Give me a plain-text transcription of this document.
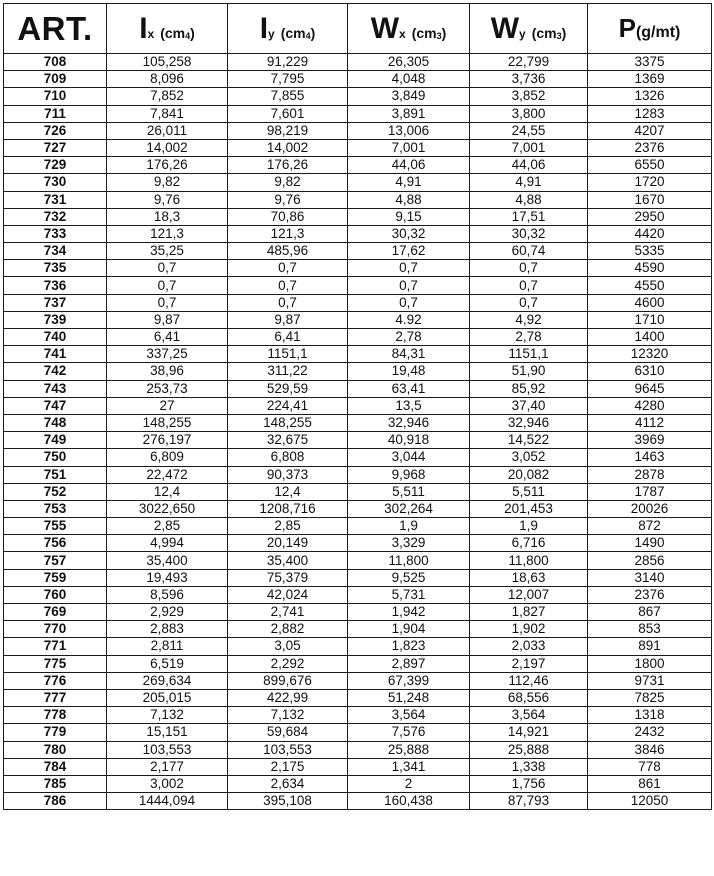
ART.	Ix $(cm_4)$	Iy $(cm_4)$	Wx $(cm_3)$	Wy $(cm_3)$	P(g/mt)
708	105,258	91,229	26,305	22,799	3375
709	8,096	7,795	4,048	3,736	1369
710	7,852	7,855	3,849	3,852	1326
711	7,841	7,601	3,891	3,800	1283
726	26,011	98,219	13,006	24,55	4207
727	14,002	14,002	7,001	7,001	2376
729	176,26	176,26	44,06	44,06	6550
730	9,82	9,82	4,91	4,91	1720
731	9,76	9,76	4,88	4,88	1670
732	18,3	70,86	9,15	17,51	2950
733	121,3	121,3	30,32	30,32	4420
734	35,25	485,96	17,62	60,74	5335
735	0,7	0,7	0,7	0,7	4590
736	0,7	0,7	0,7	0,7	4550
737	0,7	0,7	0,7	0,7	4600
739	9,87	9,87	4.92	4,92	1710
740	6,41	6,41	2,78	2,78	1400
741	337,25	1151,1	84,31	1151,1	12320
742	38,96	311,22	19,48	51,90	6310
743	253,73	529,59	63,41	85,92	9645
747	27	224,41	13,5	37,40	4280
748	148,255	148,255	32,946	32,946	4112
749	276,197	32,675	40,918	14,522	3969
750	6,809	6,808	3,044	3,052	1463
751	22,472	90,373	9,968	20,082	2878
752	12,4	12,4	5,511	5,511	1787
753	3022,650	1208,716	302,264	201,453	20026
755	2,85	2,85	1,9	1,9	872
756	4,994	20,149	3,329	6,716	1490
757	35,400	35,400	11,800	11,800	2856
759	19,493	75,379	9,525	18,63	3140
760	8,596	42,024	5,731	12,007	2376
769	2,929	2,741	1,942	1,827	867
770	2,883	2,882	1,904	1,902	853
771	2,811	3,05	1,823	2,033	891
775	6,519	2,292	2,897	2,197	1800
776	269,634	899,676	67,399	112,46	9731
777	205,015	422,99	51,248	68,556	7825
778	7,132	7,132	3,564	3,564	1318
779	15,151	59,684	7,576	14,921	2432
780	103,553	103,553	25,888	25,888	3846
784	2,177	2,175	1,341	1,338	778
785	3,002	2,634	2	1,756	861
786	1444,094	395,108	160,438	87,793	12050
